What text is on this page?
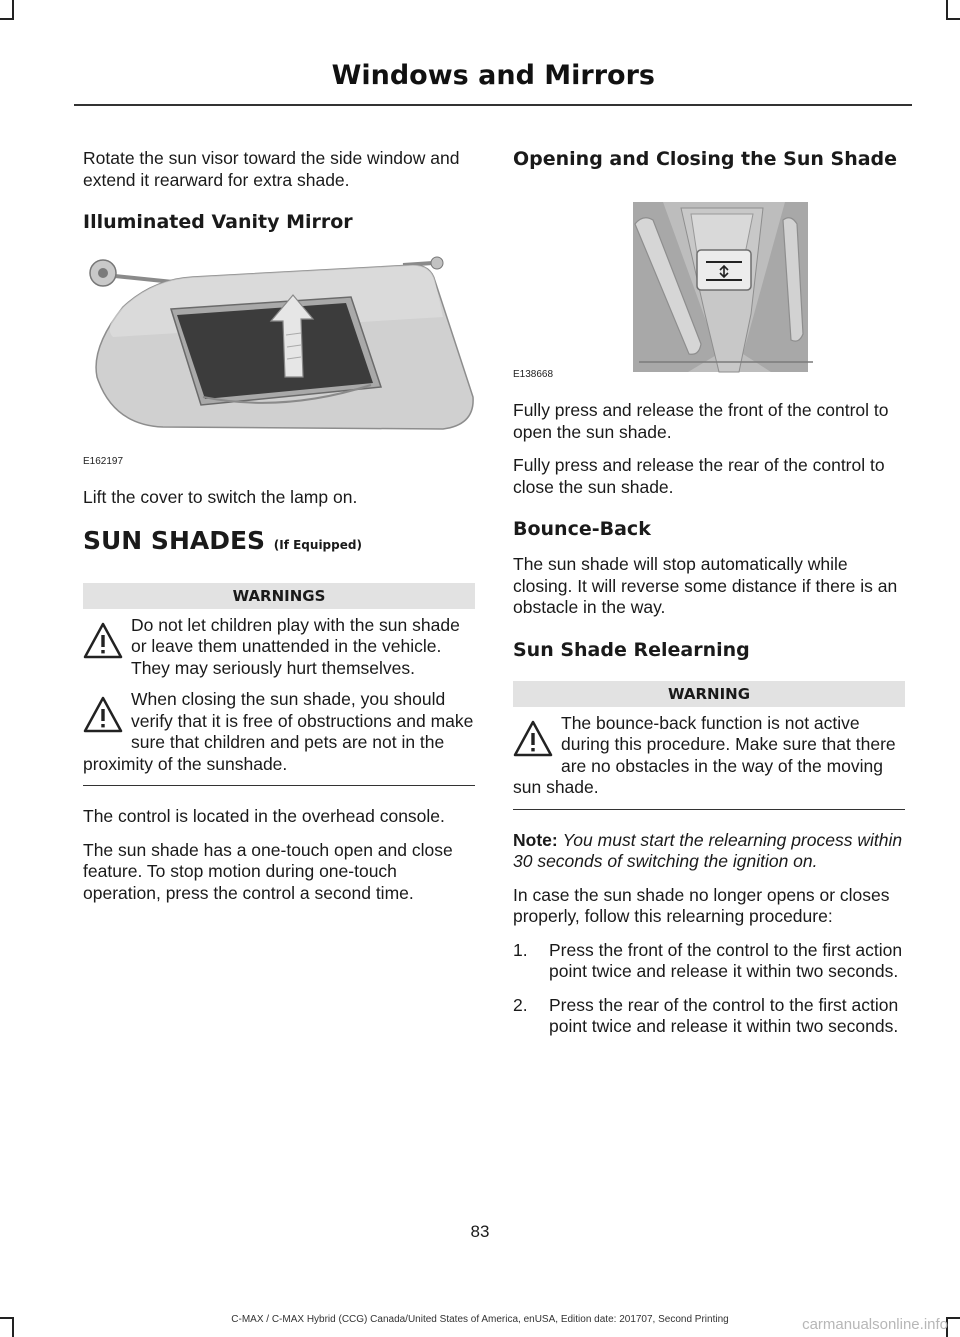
Windows and Mirrors

Rotate the sun visor toward the side window and extend it rearward for extra shade.

Illuminated Vanity Mirror
E162197

Lift the cover to switch the lamp on.

SUN SHADES (If Equipped)
WARNINGS
Do not let children play with the sun shade or leave them unattended in the vehicle. They may seriously hurt themselves.
When closing the sun shade, you should verify that it is free of obstructions and make sure that children and pets are not in the proximity of the sunshade.

The control is located in the overhead console.

The sun shade has a one-touch open and close feature. To stop motion during one-touch operation, press the control a second time.

Opening and Closing the Sun Shade
E138668

Fully press and release the front of the control to open the sun shade.

Fully press and release the rear of the control to close the sun shade.

Bounce-Back

The sun shade will stop automatically while closing. It will reverse some distance if there is an obstacle in the way.

Sun Shade Relearning
WARNING
The bounce-back function is not active during this procedure. Make sure that there are no obstacles in the way of the moving sun shade.

Note: You must start the relearning process within 30 seconds of switching the ignition on.

In case the sun shade no longer opens or closes properly, follow this relearning procedure:

1.	Press the front of the control to the first action point twice and release it within two seconds.
2.	Press the rear of the control to the first action point twice and release it within two seconds.
83
C-MAX / C-MAX Hybrid (CCG) Canada/United States of America, enUSA, Edition date: 201707, Second Printing	carmanualsonline.info
